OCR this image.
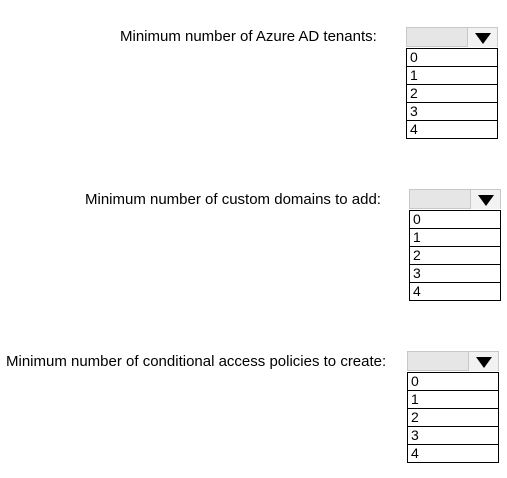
Minimum number of Azure AD tenants:
0
1
2
3
4
Minimum number of custom domains to add:
0
1
2
3
4
Minimum number of conditional access policies to create:
0
1
2
3
4
